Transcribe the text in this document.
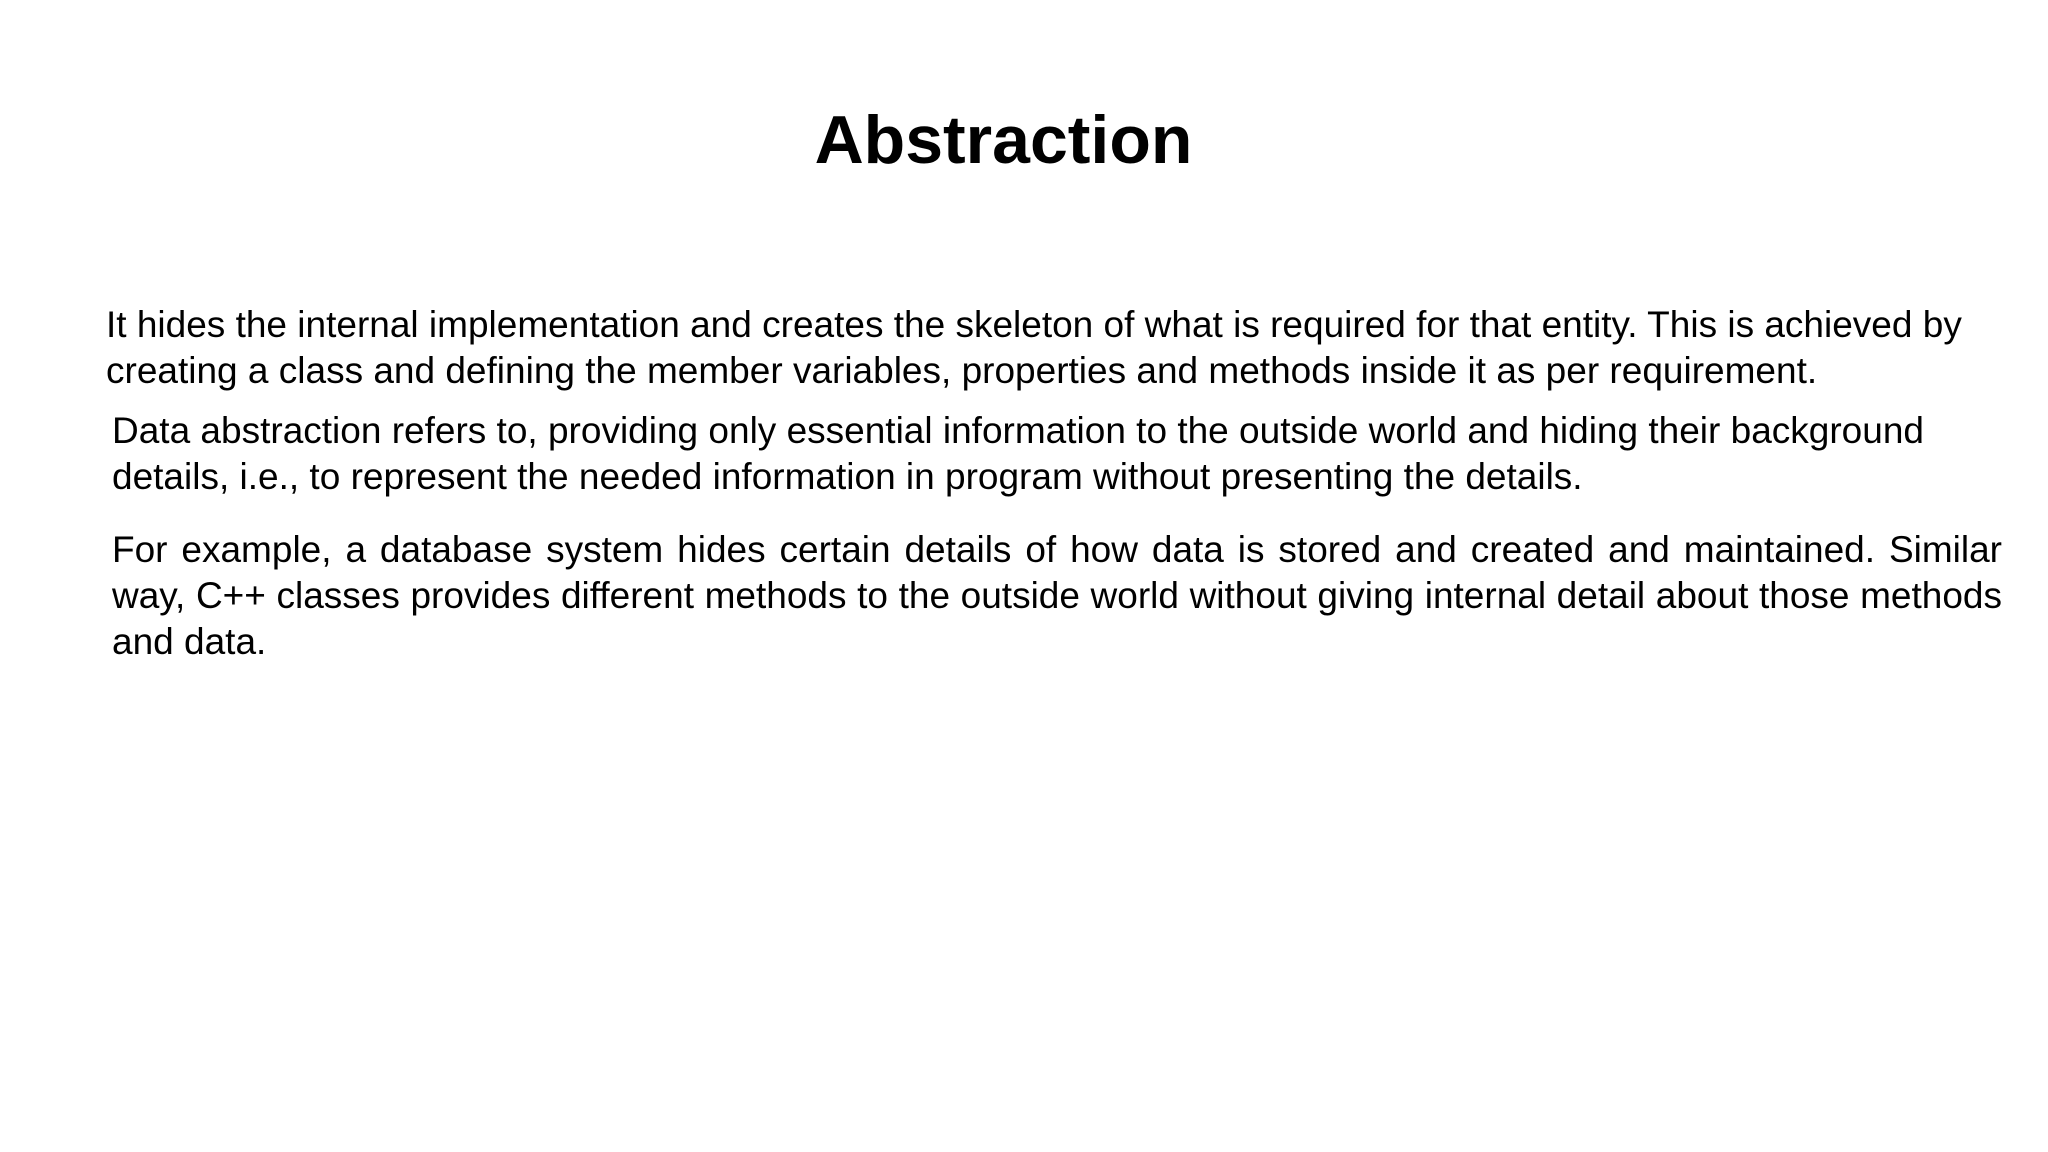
Abstraction

It hides the internal implementation and creates the skeleton of what is required for that entity. This is achieved by creating a class and defining the member variables, properties and methods inside it as per requirement.

Data abstraction refers to, providing only essential information to the outside world and hiding their background details, i.e., to represent the needed information in program without presenting the details.

For example, a database system hides certain details of how data is stored and created and maintained. Similar way, C++ classes provides different methods to the outside world without giving internal detail about those methods and data.
